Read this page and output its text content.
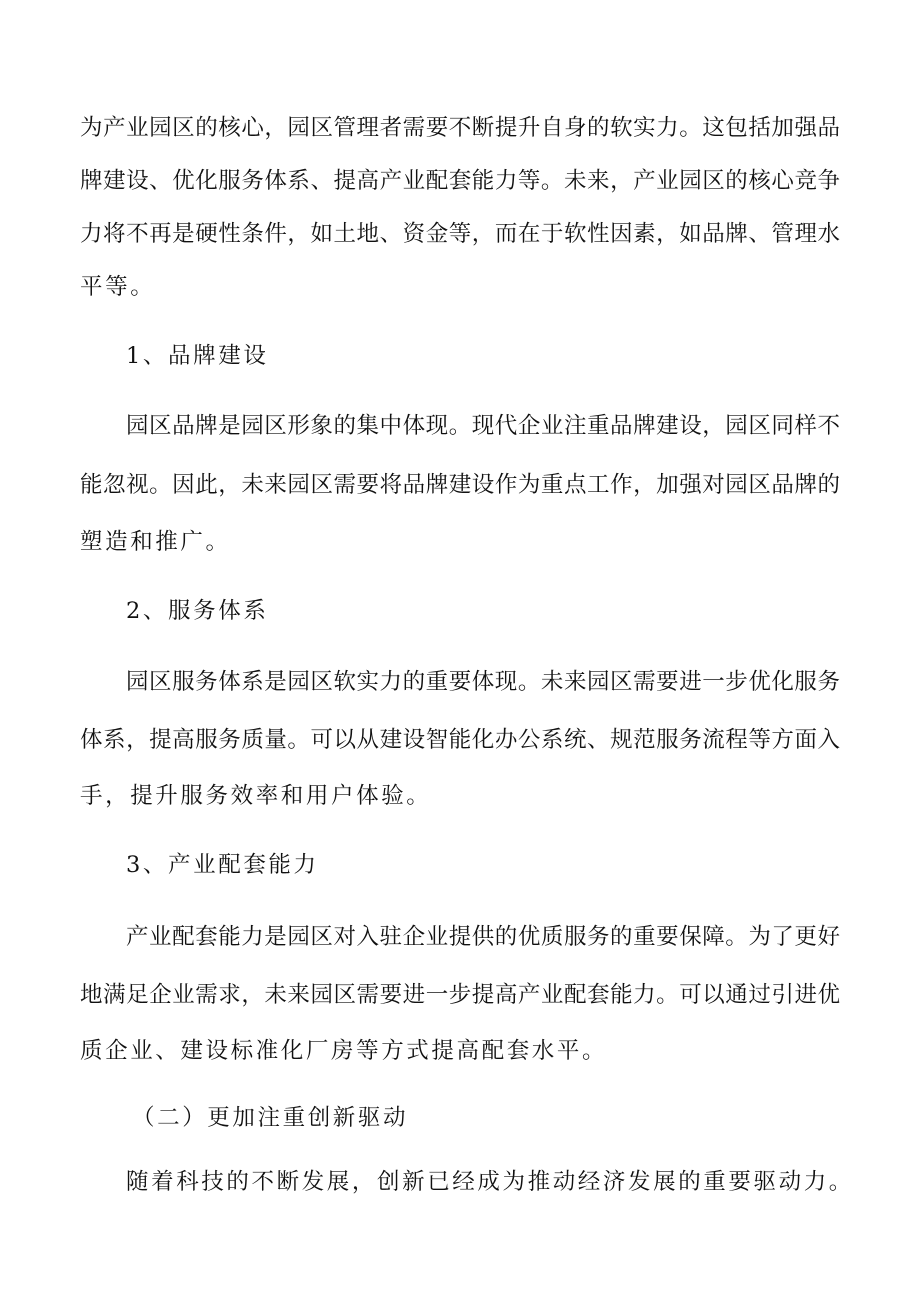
为产业园区的核心，园区管理者需要不断提升自身的软实力。这包括加强品
牌建设、优化服务体系、提高产业配套能力等。未来，产业园区的核心竞争
力将不再是硬性条件，如土地、资金等，而在于软性因素，如品牌、管理水
平等。
1、品牌建设
园区品牌是园区形象的集中体现。现代企业注重品牌建设，园区同样不
能忽视。因此，未来园区需要将品牌建设作为重点工作，加强对园区品牌的
塑造和推广。
2、服务体系
园区服务体系是园区软实力的重要体现。未来园区需要进一步优化服务
体系，提高服务质量。可以从建设智能化办公系统、规范服务流程等方面入
手，提升服务效率和用户体验。
3、产业配套能力
产业配套能力是园区对入驻企业提供的优质服务的重要保障。为了更好
地满足企业需求，未来园区需要进一步提高产业配套能力。可以通过引进优
质企业、建设标准化厂房等方式提高配套水平。
（二）更加注重创新驱动
随着科技的不断发展，创新已经成为推动经济发展的重要驱动力。
